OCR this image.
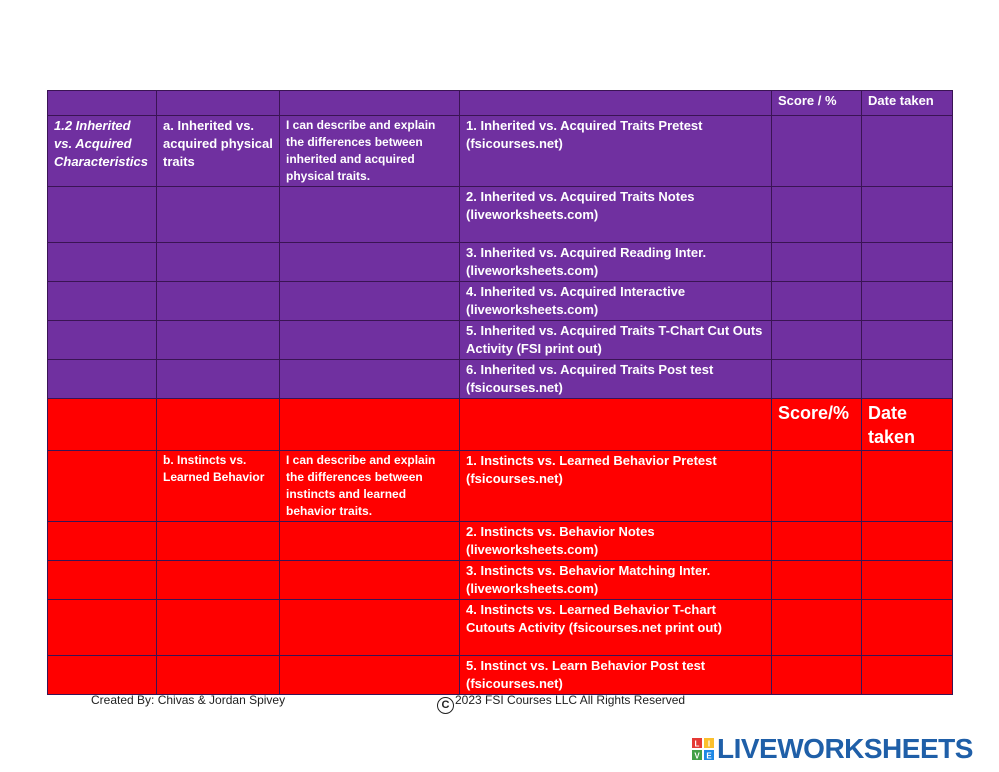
				Score / %	Date taken
1.2 Inherited vs. Acquired Characteristics	a. Inherited vs. acquired physical traits	I can describe and explain the differences between inherited and acquired physical traits.	1. Inherited vs. Acquired Traits Pretest (fsicourses.net)		
			2. Inherited vs. Acquired Traits Notes (liveworksheets.com)		
			3. Inherited vs. Acquired Reading Inter. (liveworksheets.com)		
			4. Inherited vs. Acquired Interactive (liveworksheets.com)		
			5. Inherited vs. Acquired Traits T-Chart Cut Outs Activity (FSI print out)		
			6. Inherited vs. Acquired Traits Post test (fsicourses.net)		
				Score/%	Date taken
	b. Instincts vs. Learned Behavior	I can describe and explain the differences between instincts and learned behavior traits.	1. Instincts vs. Learned Behavior Pretest (fsicourses.net)		
			2. Instincts vs. Behavior Notes (liveworksheets.com)		
			3. Instincts vs. Behavior Matching Inter. (liveworksheets.com)		
			4. Instincts vs. Learned Behavior T-chart Cutouts Activity (fsicourses.net print out)		
			5. Instinct vs. Learn Behavior Post test (fsicourses.net)		
Created By: Chivas & Jordan Spivey	C 2023 FSI Courses LLC All Rights Reserved
L I
V E LIVEWORKSHEETS
